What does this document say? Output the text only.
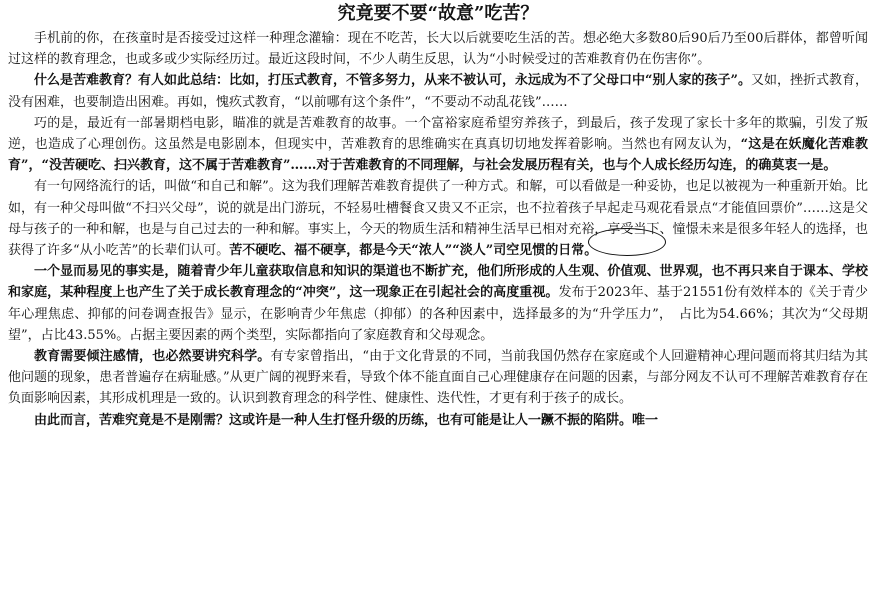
究竟要不要“故意”吃苦？

手机前的你，在孩童时是否接受过这样一种理念灌输：现在不吃苦，长大以后就要吃生活的苦。想必绝大多数80后90后乃至00后群体，都曾听闻过这样的教育理念，也或多或少实际经历过。最近这段时间，不少人萌生反思，认为“小时候受过的苦难教育仍在伤害你”。

什么是苦难教育？有人如此总结：比如，打压式教育，不管多努力，从来不被认可，永远成为不了父母口中“别人家的孩子”。又如，挫折式教育，没有困难，也要制造出困难。再如，愧疚式教育，“以前哪有这个条件”，“不要动不动乱花钱”……

巧的是，最近有一部暑期档电影，瞄准的就是苦难教育的故事。一个富裕家庭希望穷养孩子，到最后，孩子发现了家长十多年的欺骗，引发了叛逆，也造成了心理创伤。这虽然是电影剧本，但现实中，苦难教育的思维确实在真真切切地发挥着影响。当然也有网友认为，“这是在妖魔化苦难教育”，“没苦硬吃、扫兴教育，这不属于苦难教育”……对于苦难教育的不同理解，与社会发展历程有关，也与个人成长经历勾连，的确莫衷一是。

有一句网络流行的话，叫做“和自己和解”。这为我们理解苦难教育提供了一种方式。和解，可以看做是一种妥协，也足以被视为一种重新开始。比如，有一种父母叫做“不扫兴父母”，说的就是出门游玩，不轻易吐槽餐食又贵又不正宗，也不拉着孩子早起走马观花看景点“才能值回票价”……这是父母与孩子的一种和解，也是与自己过去的一种和解。事实上，今天的物质生活和精神生活早已相对充裕，享受当下、憧憬未来是很多年轻人的选择，也获得了许多“从小吃苦”的长辈们认可。苦不硬吃、福不硬享，都是今天“浓人”“淡人”司空见惯的日常。

一个显而易见的事实是，随着青少年儿童获取信息和知识的渠道也不断扩充，他们所形成的人生观、价值观、世界观，也不再只来自于课本、学校和家庭，某种程度上也产生了关于成长教育理念的“冲突”，这一现象正在引起社会的高度重视。发布于2023年、基于21551份有效样本的《关于青少年心理焦虑、抑郁的问卷调查报告》显示，在影响青少年焦虑（抑郁）的各种因素中，选择最多的为“升学压力”，　占比为54.66%；其次为“父母期望”，占比43.55%。占据主要因素的两个类型，实际都指向了家庭教育和父母观念。

教育需要倾注感情，也必然要讲究科学。有专家曾指出，“由于文化背景的不同，当前我国仍然存在家庭或个人回避精神心理问题而将其归结为其他问题的现象，患者普遍存在病耻感。”从更广阔的视野来看，导致个体不能直面自己心理健康存在问题的因素，与部分网友不认可不理解苦难教育存在负面影响因素，其形成机理是一致的。认识到教育理念的科学性、健康性、迭代性，才更有利于孩子的成长。

由此而言，苦难究竟是不是刚需？这或许是一种人生打怪升级的历练，也有可能是让人一蹶不振的陷阱。唯一
